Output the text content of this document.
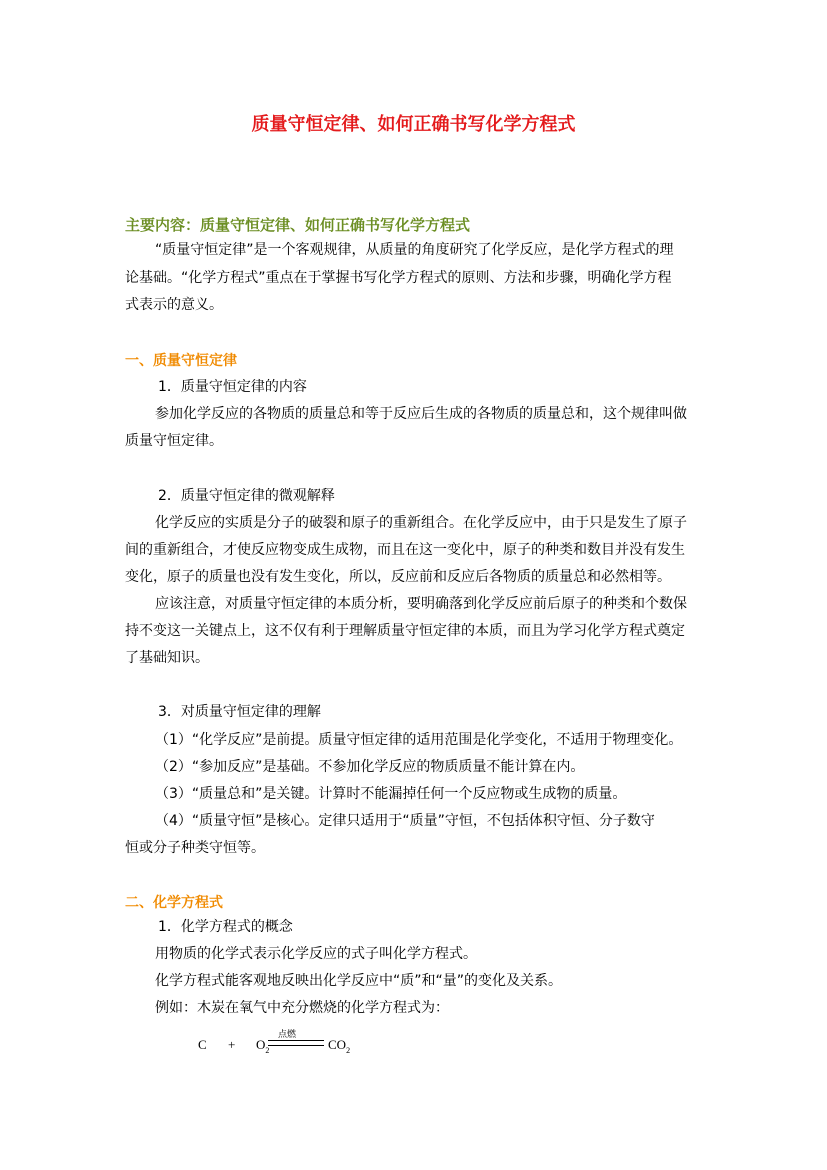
质量守恒定律、如何正确书写化学方程式
主要内容：质量守恒定律、如何正确书写化学方程式
“质量守恒定律”是一个客观规律，从质量的角度研究了化学反应，是化学方程式的理
论基础。“化学方程式”重点在于掌握书写化学方程式的原则、方法和步骤，明确化学方程
式表示的意义。
一、质量守恒定律
1．质量守恒定律的内容
参加化学反应的各物质的质量总和等于反应后生成的各物质的质量总和，这个规律叫做
质量守恒定律。
2．质量守恒定律的微观解释
化学反应的实质是分子的破裂和原子的重新组合。在化学反应中，由于只是发生了原子
间的重新组合，才使反应物变成生成物，而且在这一变化中，原子的种类和数目并没有发生
变化，原子的质量也没有发生变化，所以，反应前和反应后各物质的质量总和必然相等。
应该注意，对质量守恒定律的本质分析，要明确落到化学反应前后原子的种类和个数保
持不变这一关键点上，这不仅有利于理解质量守恒定律的本质，而且为学习化学方程式奠定
了基础知识。
3．对质量守恒定律的理解
（1）“化学反应”是前提。质量守恒定律的适用范围是化学变化，不适用于物理变化。
（2）“参加反应”是基础。不参加化学反应的物质质量不能计算在内。
（3）“质量总和”是关键。计算时不能漏掉任何一个反应物或生成物的质量。
（4）“质量守恒”是核心。定律只适用于“质量”守恒，不包括体积守恒、分子数守
恒或分子种类守恒等。
二、化学方程式
1．化学方程式的概念
用物质的化学式表示化学反应的式子叫化学方程式。
化学方程式能客观地反映出化学反应中“质”和“量”的变化及关系。
例如：木炭在氧气中充分燃烧的化学方程式为：
$C + O_2$
点燃
$CO_2$
